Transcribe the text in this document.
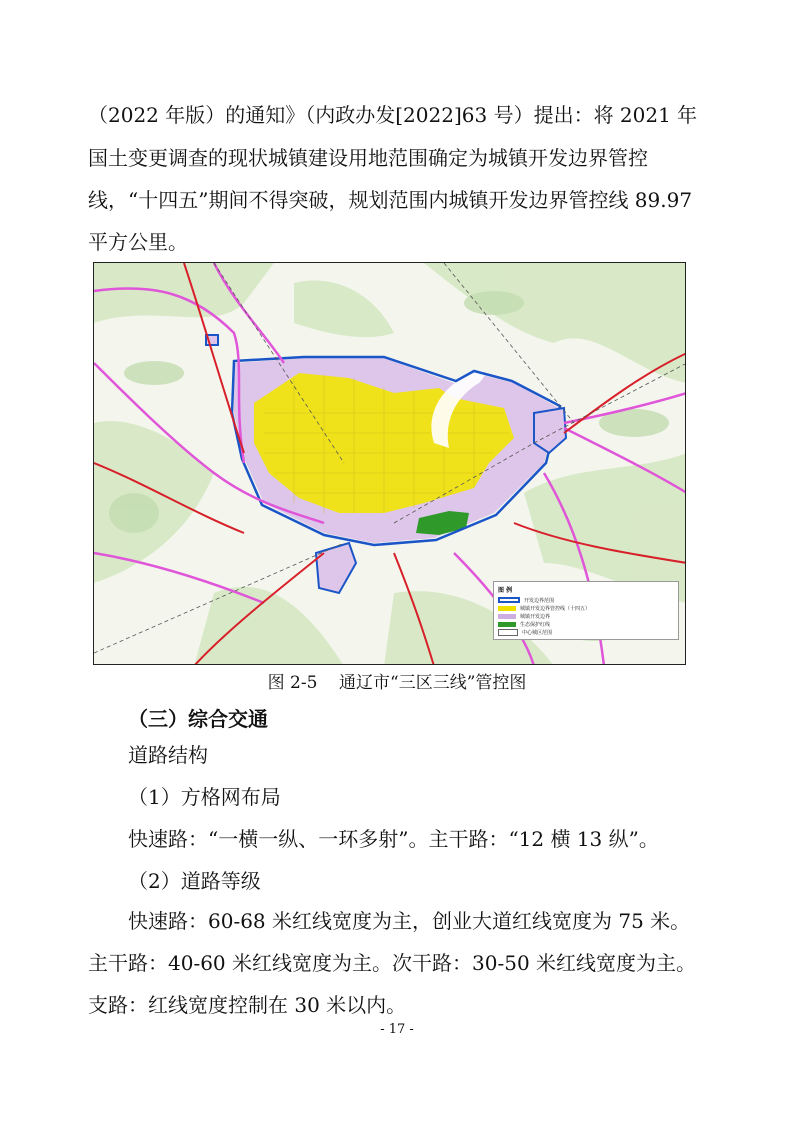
（2022 年版）的通知》（内政办发[2022]63 号）提出：将 2021 年
国土变更调查的现状城镇建设用地范围确定为城镇开发边界管控
线，“十四五”期间不得突破，规划范围内城镇开发边界管控线 89.97
平方公里。
图 例
开发边界范围
城镇开发边界管控线（十四五）
城镇开发边界
生态保护红线
中心城区范围
图 2-5    通辽市“三区三线”管控图
（三）综合交通
道路结构
（1）方格网布局
快速路：“一横一纵、一环多射”。主干路：“12 横 13 纵”。
（2）道路等级
快速路：60-68 米红线宽度为主，创业大道红线宽度为 75 米。
主干路：40-60 米红线宽度为主。次干路：30-50 米红线宽度为主。
支路：红线宽度控制在 30 米以内。
- 17 -
